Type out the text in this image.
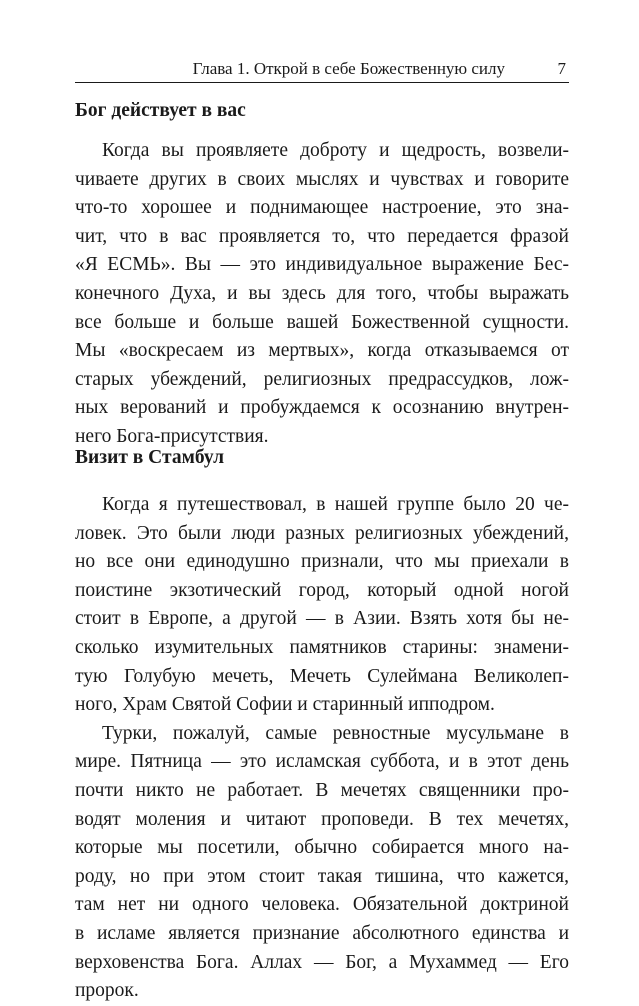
Глава 1. Открой в себе Божественную силу	7
Бог действует в вас

Когда вы проявляете доброту и щедрость, возвели-
чиваете других в своих мыслях и чувствах и говорите
что-то хорошее и поднимающее настроение, это зна-
чит, что в вас проявляется то, что передается фразой
«Я ЕСМЬ». Вы — это индивидуальное выражение Бес-
конечного Духа, и вы здесь для того, чтобы выражать
все больше и больше вашей Божественной сущности.
Мы «воскресаем из мертвых», когда отказываемся от
старых убеждений, религиозных предрассудков, лож-
ных верований и пробуждаемся к осознанию внутрен-
него Бога-присутствия.

Визит в Стамбул

Когда я путешествовал, в нашей группе было 20 че-
ловек. Это были люди разных религиозных убеждений,
но все они единодушно признали, что мы приехали в
поистине экзотический город, который одной ногой
стоит в Европе, а другой — в Азии. Взять хотя бы не-
сколько изумительных памятников старины: знамени-
тую Голубую мечеть, Мечеть Сулеймана Великолеп-
ного, Храм Святой Софии и старинный ипподром.

Турки, пожалуй, самые ревностные мусульмане в
мире. Пятница — это исламская суббота, и в этот день
почти никто не работает. В мечетях священники про-
водят моления и читают проповеди. В тех мечетях,
которые мы посетили, обычно собирается много на-
роду, но при этом стоит такая тишина, что кажется,
там нет ни одного человека. Обязательной доктриной
в исламе является признание абсолютного единства и
верховенства Бога. Аллах — Бог, а Мухаммед — Его
пророк.
